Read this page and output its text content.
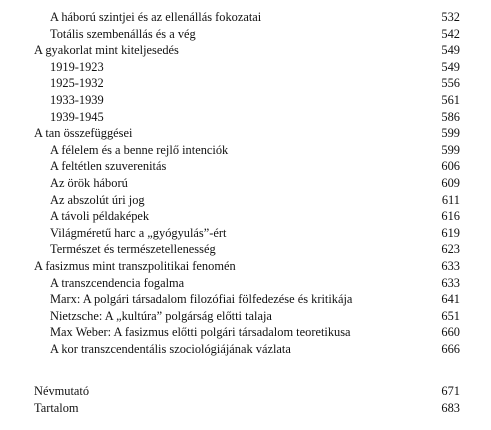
A háború szintjei és az ellenállás fokozatai	532
Totális szembenállás és a vég	542
A gyakorlat mint kiteljesedés	549
1919-1923	549
1925-1932	556
1933-1939	561
1939-1945	586
A tan összefüggései	599
A félelem és a benne rejlő intenciók	599
A feltétlen szuverenitás	606
Az örök háború	609
Az abszolút úri jog	611
A távoli példaképek	616
Világméretű harc a „gyógyulás”-ért	619
Természet és természetellenesség	623
A fasizmus mint transzpolitikai fenomén	633
A transzcendencia fogalma	633
Marx: A polgári társadalom filozófiai fölfedezése és kritikája	641
Nietzsche: A „kultúra” polgárság előtti talaja	651
Max Weber: A fasizmus előtti polgári társadalom teoretikusa	660
A kor transzcendentális szociológiájának vázlata	666
Névmutató	671
Tartalom	683
